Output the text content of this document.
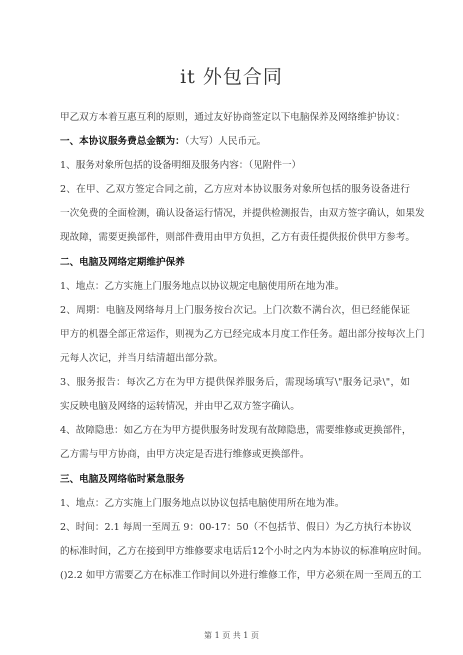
it 外包合同
甲乙双方本着互惠互利的原则，通过友好协商签定以下电脑保养及网络维护协议：
一、本协议服务费总金额为：（大写）人民币元。
1、服务对象所包括的设备明细及服务内容：（见附件一）
2、在甲、乙双方签定合同之前，乙方应对本协议服务对象所包括的服务设备进行
一次免费的全面检测，确认设备运行情况，并提供检测报告，由双方签字确认，如果发
现故障，需要更换部件，则部件费用由甲方负担，乙方有责任提供报价供甲方参考。
二、电脑及网络定期维护保养
1、地点：乙方实施上门服务地点以协议规定电脑使用所在地为准。
2、周期：电脑及网络每月上门服务按台次记。上门次数不满台次，但已经能保证
甲方的机器全部正常运作，则视为乙方已经完成本月度工作任务。超出部分按每次上门
元每人次记，并当月结清超出部分款。
3、服务报告：每次乙方在为甲方提供保养服务后，需现场填写\"服务记录\"，如
实反映电脑及网络的运转情况，并由甲乙双方签字确认。
4、故障隐患：如乙方在为甲方提供服务时发现有故障隐患，需要维修或更换部件，
乙方需与甲方协商，由甲方决定是否进行维修或更换部件。
三、电脑及网络临时紧急服务
1、地点：乙方实施上门服务地点以协议包括电脑使用所在地为准。
2、时间：2.1 每周一至周五 9：00-17：50（不包括节、假日）为乙方执行本协议
的标准时间，乙方在接到甲方维修要求电话后12个小时之内为本协议的标准响应时间。
()2.2 如甲方需要乙方在标准工作时间以外进行维修工作，甲方必须在周一至周五的工
第 1 页 共 1 页
